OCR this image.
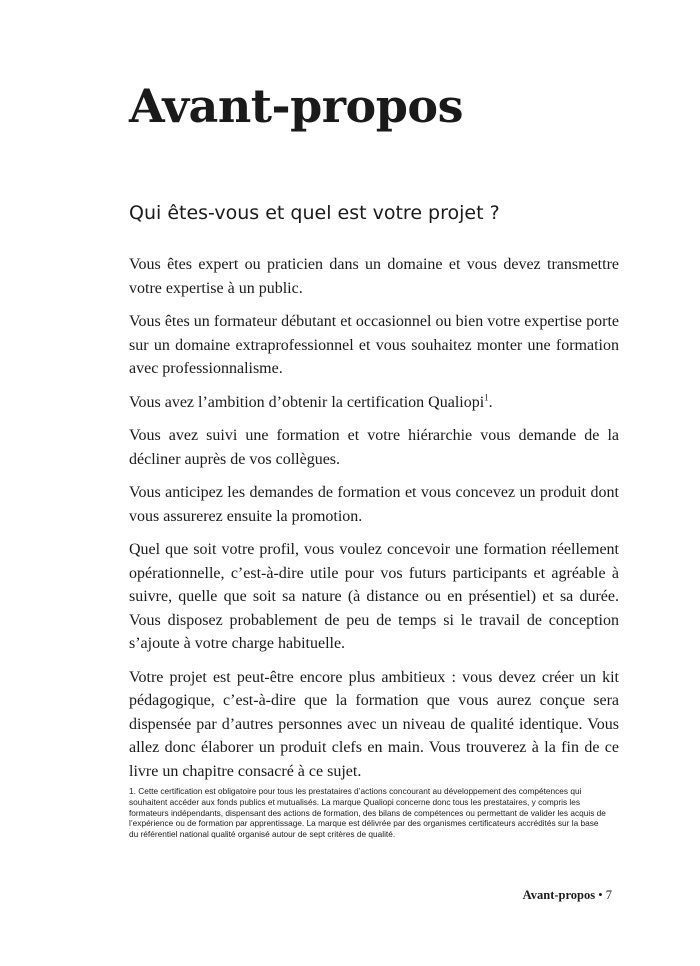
Avant-propos
Qui êtes-vous et quel est votre projet ?

Vous êtes expert ou praticien dans un domaine et vous devez transmettre votre expertise à un public.

Vous êtes un formateur débutant et occasionnel ou bien votre expertise porte sur un domaine extraprofessionnel et vous souhaitez monter une formation avec professionnalisme.

Vous avez l’ambition d’obtenir la certification Qualiopi$^1$.

Vous avez suivi une formation et votre hiérarchie vous demande de la décliner auprès de vos collègues.

Vous anticipez les demandes de formation et vous concevez un produit dont vous assurerez ensuite la promotion.

Quel que soit votre profil, vous voulez concevoir une formation réellement opérationnelle, c’est-à-dire utile pour vos futurs participants et agréable à suivre, quelle que soit sa nature (à distance ou en présentiel) et sa durée. Vous disposez probablement de peu de temps si le travail de conception s’ajoute à votre charge habituelle.

Votre projet est peut-être encore plus ambitieux : vous devez créer un kit pédagogique, c’est-à-dire que la formation que vous aurez conçue sera dispensée par d’autres personnes avec un niveau de qualité identique. Vous allez donc élaborer un produit clefs en main. Vous trouverez à la fin de ce livre un chapitre consacré à ce sujet.

1. Cette certification est obligatoire pour tous les prestataires d’actions concourant au développement des compétences qui souhaitent accéder aux fonds publics et mutualisés. La marque Qualiopi concerne donc tous les prestataires, y compris les formateurs indépendants, dispensant des actions de formation, des bilans de compétences ou permettant de valider les acquis de l’expérience ou de formation par apprentissage. La marque est délivrée par des organismes certificateurs accrédités sur la base du référentiel national qualité organisé autour de sept critères de qualité.

Avant-propos • 7
